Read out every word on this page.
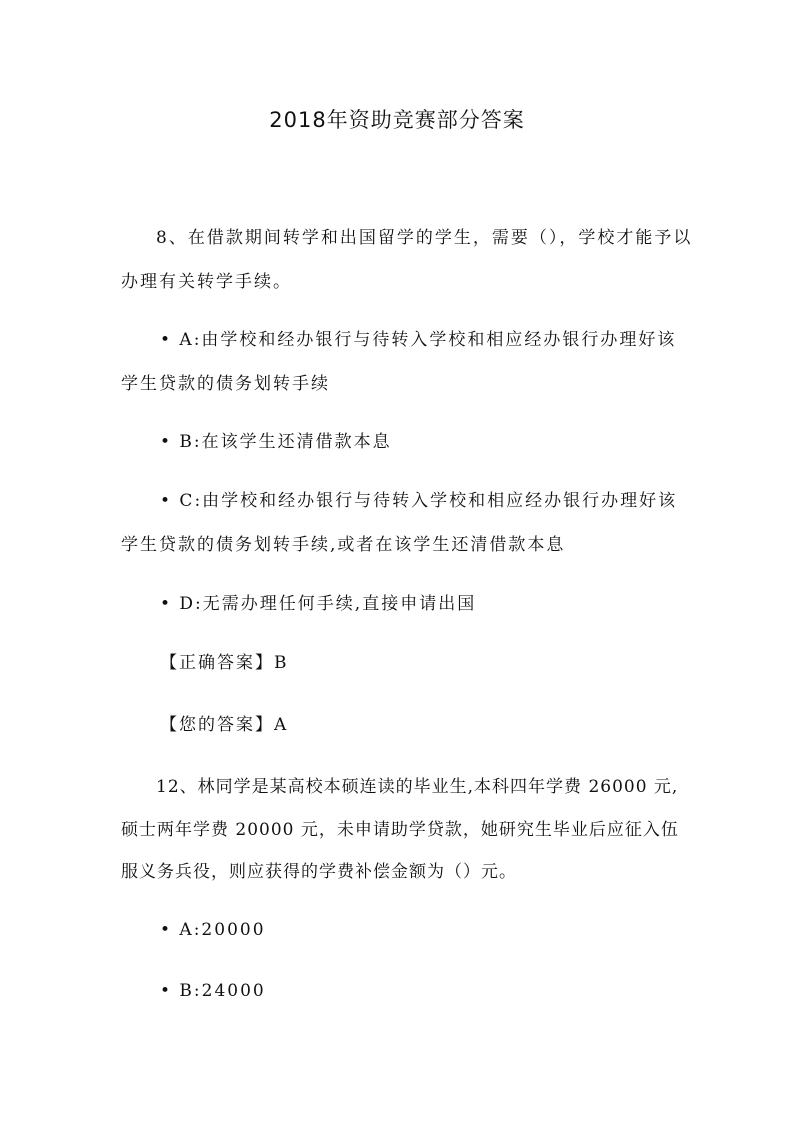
2018年资助竞赛部分答案
8、在借款期间转学和出国留学的学生，需要（），学校才能予以
办理有关转学手续。
• A:由学校和经办银行与待转入学校和相应经办银行办理好该
学生贷款的债务划转手续
• B:在该学生还清借款本息
• C:由学校和经办银行与待转入学校和相应经办银行办理好该
学生贷款的债务划转手续,或者在该学生还清借款本息
• D:无需办理任何手续,直接申请出国
【正确答案】B
【您的答案】A
12、林同学是某高校本硕连读的毕业生,本科四年学费 26000 元,
硕士两年学费 20000 元，未申请助学贷款，她研究生毕业后应征入伍
服义务兵役，则应获得的学费补偿金额为（）元。
• A:20000
• B:24000
